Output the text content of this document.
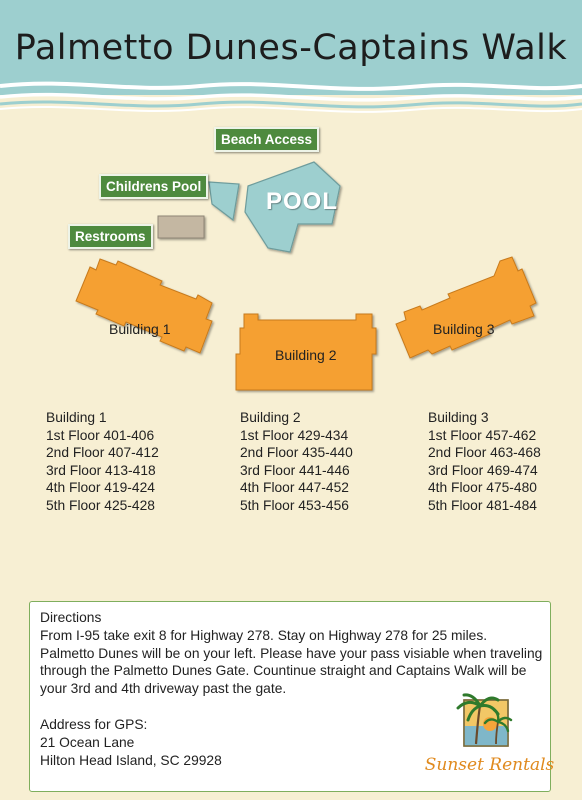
Palmetto Dunes-Captains Walk
Beach Access
Childrens Pool
Restrooms
POOL
Building 1
Building 2
Building 3
Building 1
1st Floor 401-406
2nd Floor 407-412
3rd Floor 413-418
4th Floor 419-424
5th Floor 425-428
Building 2
1st Floor 429-434
2nd Floor 435-440
3rd Floor 441-446
4th Floor 447-452
5th Floor 453-456
Building 3
1st Floor 457-462
2nd Floor 463-468
3rd Floor 469-474
4th Floor 475-480
5th Floor 481-484

Directions

From I-95 take exit 8 for Highway 278. Stay on Highway 278 for 25 miles. Palmetto Dunes will be on your left. Please have your pass visiable when traveling through the Palmetto Dunes Gate. Countinue straight and Captains Walk will be your 3rd and 4th driveway past the gate.

Address for GPS:
21 Ocean Lane
Hilton Head Island, SC 29928	Sunset Rentals
